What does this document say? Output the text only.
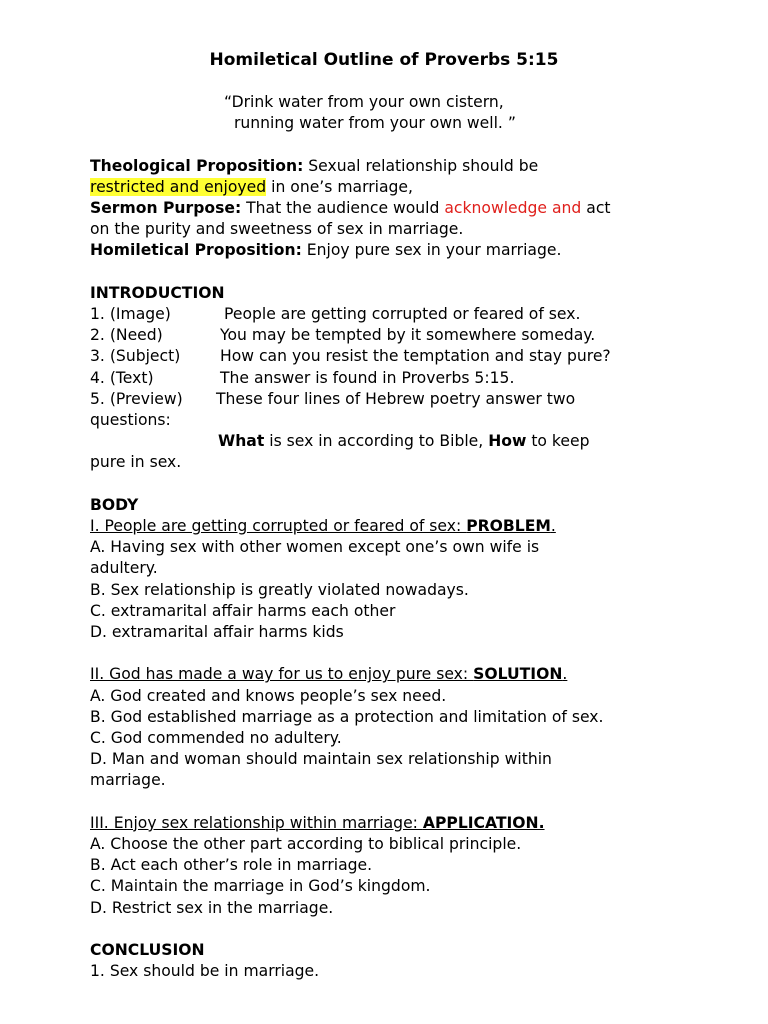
Homiletical Outline of Proverbs 5:15
“Drink water from your own cistern,
running water from your own well. ”
Theological Proposition: Sexual relationship should be
restricted and enjoyed in one’s marriage,
Sermon Purpose: That the audience would acknowledge and act
on the purity and sweetness of sex in marriage.
Homiletical Proposition: Enjoy pure sex in your marriage.
INTRODUCTION
1. (Image)	People are getting corrupted or feared of sex.
2. (Need)	You may be tempted by it somewhere someday.
3. (Subject)	How can you resist the temptation and stay pure?
4. (Text)	The answer is found in Proverbs 5:15.
5. (Preview) These four lines of Hebrew poetry answer two
questions:
What is sex in according to Bible, How to keep
pure in sex.
BODY
I. People are getting corrupted or feared of sex: PROBLEM.
A. Having sex with other women except one’s own wife is
adultery.
B. Sex relationship is greatly violated nowadays.
C. extramarital affair harms each other
D. extramarital affair harms kids
II. God has made a way for us to enjoy pure sex: SOLUTION.
A. God created and knows people’s sex need.
B. God established marriage as a protection and limitation of sex.
C. God commended no adultery.
D. Man and woman should maintain sex relationship within
marriage.
III. Enjoy sex relationship within marriage: APPLICATION.
A. Choose the other part according to biblical principle.
B. Act each other’s role in marriage.
C. Maintain the marriage in God’s kingdom.
D. Restrict sex in the marriage.
CONCLUSION
1. Sex should be in marriage.
